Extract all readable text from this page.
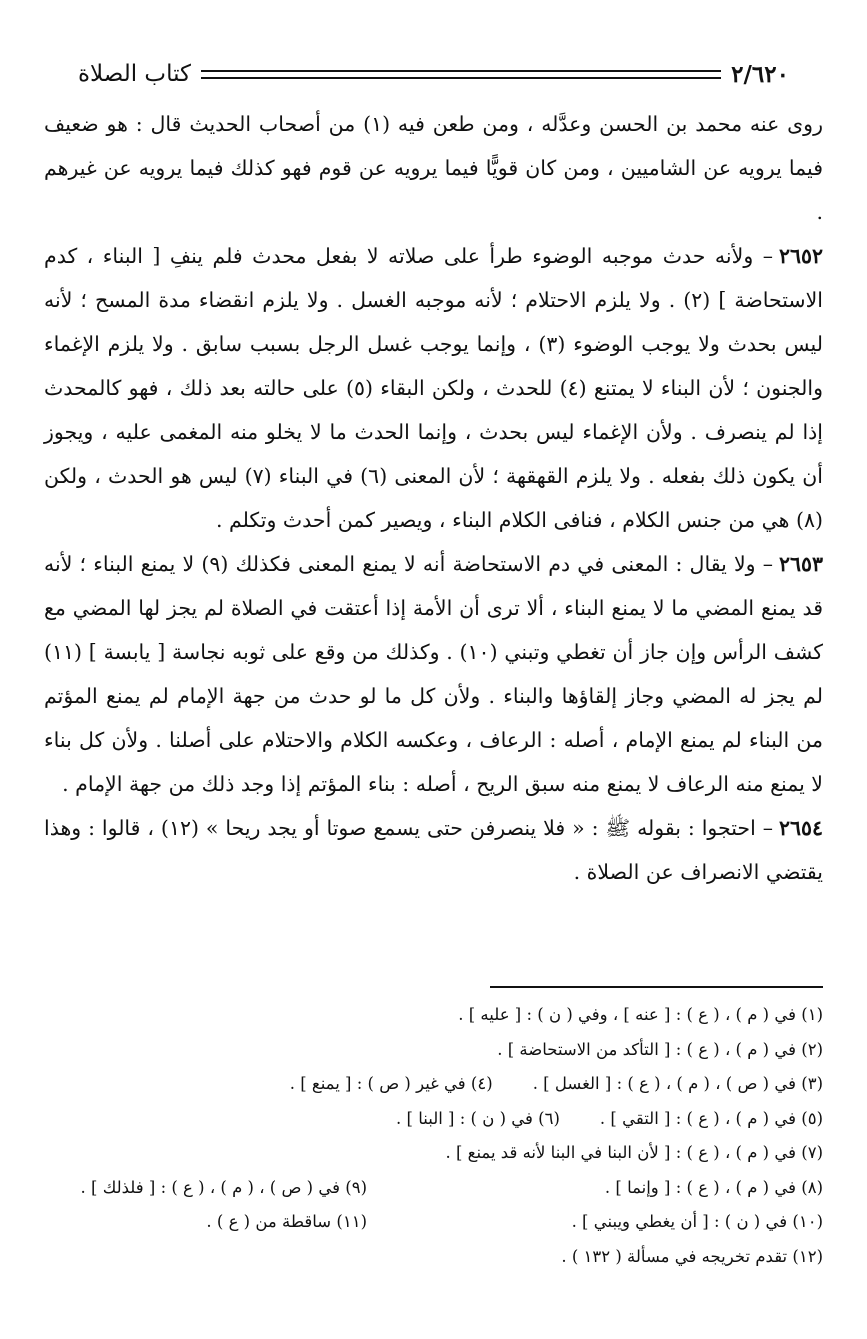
٢/٦٢٠
كتاب الصلاة

روى عنه محمد بن الحسن وعدَّله ، ومن طعن فيه (١) من أصحاب الحديث قال : هو ضعيف فيما يرويه عن الشاميين ، ومن كان قويًّا فيما يرويه عن قوم فهو كذلك فيما يرويه عن غيرهم .

٢٦٥٢– ولأنه حدث موجبه الوضوء طرأ على صلاته لا بفعل محدث فلم ينفِ [ البناء ، كدم الاستحاضة ] (٢) . ولا يلزم الاحتلام ؛ لأنه موجبه الغسل . ولا يلزم انقضاء مدة المسح ؛ لأنه ليس بحدث ولا يوجب الوضوء (٣) ، وإنما يوجب غسل الرجل بسبب سابق . ولا يلزم الإغماء والجنون ؛ لأن البناء لا يمتنع (٤) للحدث ، ولكن البقاء (٥) على حالته بعد ذلك ، فهو كالمحدث إذا لم ينصرف . ولأن الإغماء ليس بحدث ، وإنما الحدث ما لا يخلو منه المغمى عليه ، ويجوز أن يكون ذلك بفعله . ولا يلزم القهقهة ؛ لأن المعنى (٦) في البناء (٧) ليس هو الحدث ، ولكن (٨) هي من جنس الكلام ، فنافى الكلام البناء ، ويصير كمن أحدث وتكلم .

٢٦٥٣– ولا يقال : المعنى في دم الاستحاضة أنه لا يمنع المعنى فكذلك (٩) لا يمنع البناء ؛ لأنه قد يمنع المضي ما لا يمنع البناء ، ألا ترى أن الأمة إذا أعتقت في الصلاة لم يجز لها المضي مع كشف الرأس وإن جاز أن تغطي وتبني (١٠) . وكذلك من وقع على ثوبه نجاسة [ يابسة ] (١١) لم يجز له المضي وجاز إلقاؤها والبناء . ولأن كل ما لو حدث من جهة الإمام لم يمنع المؤتم من البناء لم يمنع الإمام ، أصله : الرعاف ، وعكسه الكلام والاحتلام على أصلنا . ولأن كل بناء لا يمنع منه الرعاف لا يمنع منه سبق الريح ، أصله : بناء المؤتم إذا وجد ذلك من جهة الإمام .

٢٦٥٤– احتجوا : بقوله ﷺ : « فلا ينصرفن حتى يسمع صوتا أو يجد ريحا » (١٢) ، قالوا : وهذا يقتضي الانصراف عن الصلاة .

(١) في ( م ) ، ( ع ) : [ عنه ] ، وفي ( ن ) : [ عليه ] .
(٢) في ( م ) ، ( ع ) : [ التأكد من الاستحاضة ] .
(٣) في ( ص ) ، ( م ) ، ( ع ) : [ الغسل ] .
(٤) في غير ( ص ) : [ يمنع ] .
(٥) في ( م ) ، ( ع ) : [ التقي ] .
(٦) في ( ن ) : [ البنا ] .
(٧) في ( م ) ، ( ع ) : [ لأن البنا في البنا لأنه قد يمنع ] .
(٨) في ( م ) ، ( ع ) : [ وإنما ] .
(٩) في ( ص ) ، ( م ) ، ( ع ) : [ فلذلك ] .
(١٠) في ( ن ) : [ أن يغطي ويبني ] .
(١١) ساقطة من ( ع ) .
(١٢) تقدم تخريجه في مسألة ( ١٣٢ ) .
